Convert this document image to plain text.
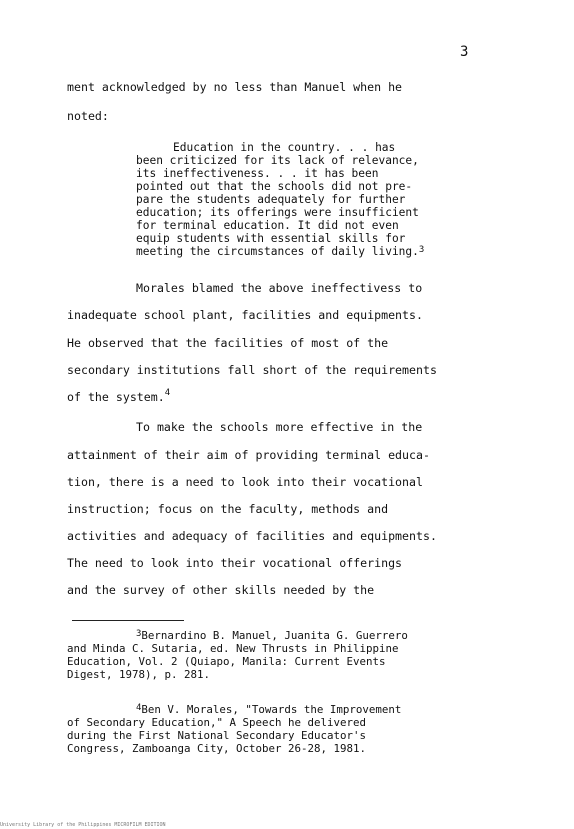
3
ment acknowledged by no less than Manuel when he
noted:
Education in the country. . . has
been criticized for its lack of relevance,
its ineffectiveness. . . it has been
pointed out that the schools did not pre-
pare the students adequately for further
education; its offerings were insufficient
for terminal education. It did not even
equip students with essential skills for
meeting the circumstances of daily living.$^3$
Morales blamed the above ineffectivess to
inadequate school plant, facilities and equipments.
He observed that the facilities of most of the
secondary institutions fall short of the requirements
of the system.$^4$
To make the schools more effective in the
attainment of their aim of providing terminal educa-
tion, there is a need to look into their vocational
instruction; focus on the faculty, methods and
activities and adequacy of facilities and equipments.
The need to look into their vocational offerings
and the survey of other skills needed by the
$^3$Bernardino B. Manuel, Juanita G. Guerrero
and Minda C. Sutaria, ed. New Thrusts in Philippine
Education, Vol. 2 (Quiapo, Manila: Current Events
Digest, 1978), p. 281.
$^4$Ben V. Morales, "Towards the Improvement
of Secondary Education," A Speech he delivered
during the First National Secondary Educator's
Congress, Zamboanga City, October 26-28, 1981.
University Library of the Philippines MICROFILM EDITION
